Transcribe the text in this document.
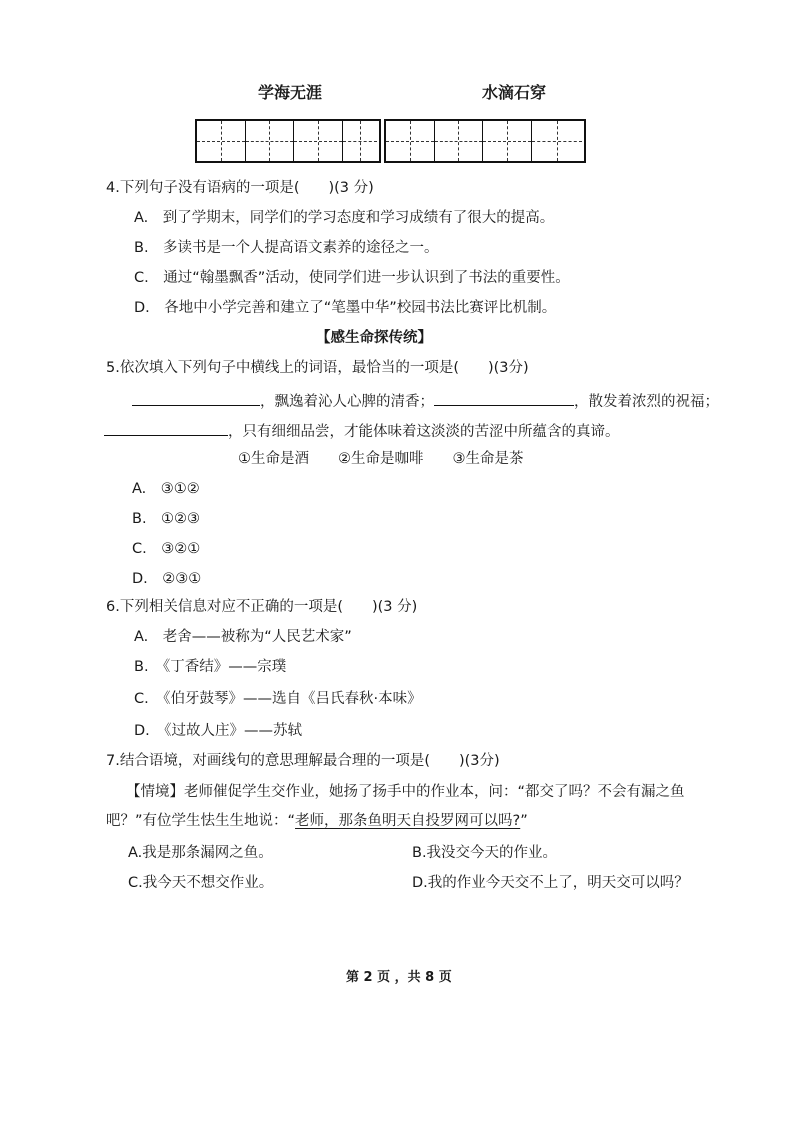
学海无涯	水滴石穿
4.下列句子没有语病的一项是(　　)(3 分)
A.　到了学期末，同学们的学习态度和学习成绩有了很大的提高。
B.　多读书是一个人提高语文素养的途径之一。
C.　通过“翰墨飘香”活动，使同学们进一步认识到了书法的重要性。
D.　各地中小学完善和建立了“笔墨中华”校园书法比赛评比机制。
【感生命探传统】
5.依次填入下列句子中横线上的词语，最恰当的一项是(　　)(3分)
，飘逸着沁人心脾的清香；	，散发着浓烈的祝福；
，只有细细品尝，才能体味着这淡淡的苦涩中所蕴含的真谛。
①生命是酒　　②生命是咖啡　　③生命是茶
A.　③①②
B.　①②③
C.　③②①
D.　②③①
6.下列相关信息对应不正确的一项是(　　)(3 分)
A.　老舍——被称为“人民艺术家”
B.　《丁香结》——宗璞
C.　《伯牙鼓琴》——选自《吕氏春秋·本味》
D.　《过故人庄》——苏轼
7.结合语境，对画线句的意思理解最合理的一项是(　　)(3分)
【情境】老师催促学生交作业，她扬了扬手中的作业本，问：“都交了吗？不会有漏之鱼
吧？”有位学生怯生生地说：“老师，那条鱼明天自投罗网可以吗?”
A.我是那条漏网之鱼。	B.我没交今天的作业。
C.我今天不想交作业。	D.我的作业今天交不上了，明天交可以吗？
第 2 页 ，共 8 页
